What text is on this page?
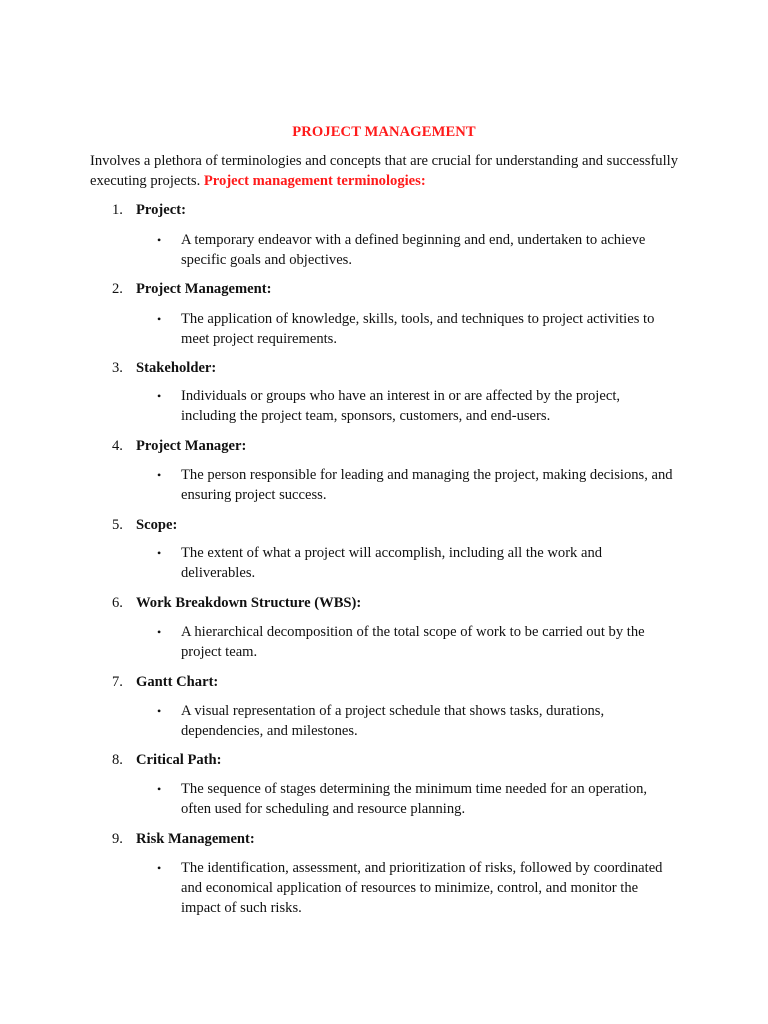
PROJECT MANAGEMENT
Involves a plethora of terminologies and concepts that are crucial for understanding and successfully executing projects. Project management terminologies:
1. Project:
•	A temporary endeavor with a defined beginning and end, undertaken to achieve specific goals and objectives.
2. Project Management:
•	The application of knowledge, skills, tools, and techniques to project activities to meet project requirements.
3. Stakeholder:
•	Individuals or groups who have an interest in or are affected by the project, including the project team, sponsors, customers, and end-users.
4. Project Manager:
•	The person responsible for leading and managing the project, making decisions, and ensuring project success.
5. Scope:
•	The extent of what a project will accomplish, including all the work and deliverables.
6. Work Breakdown Structure (WBS):
•	A hierarchical decomposition of the total scope of work to be carried out by the project team.
7. Gantt Chart:
•	A visual representation of a project schedule that shows tasks, durations, dependencies, and milestones.
8. Critical Path:
•	The sequence of stages determining the minimum time needed for an operation, often used for scheduling and resource planning.
9. Risk Management:
•	The identification, assessment, and prioritization of risks, followed by coordinated and economical application of resources to minimize, control, and monitor the impact of such risks.
